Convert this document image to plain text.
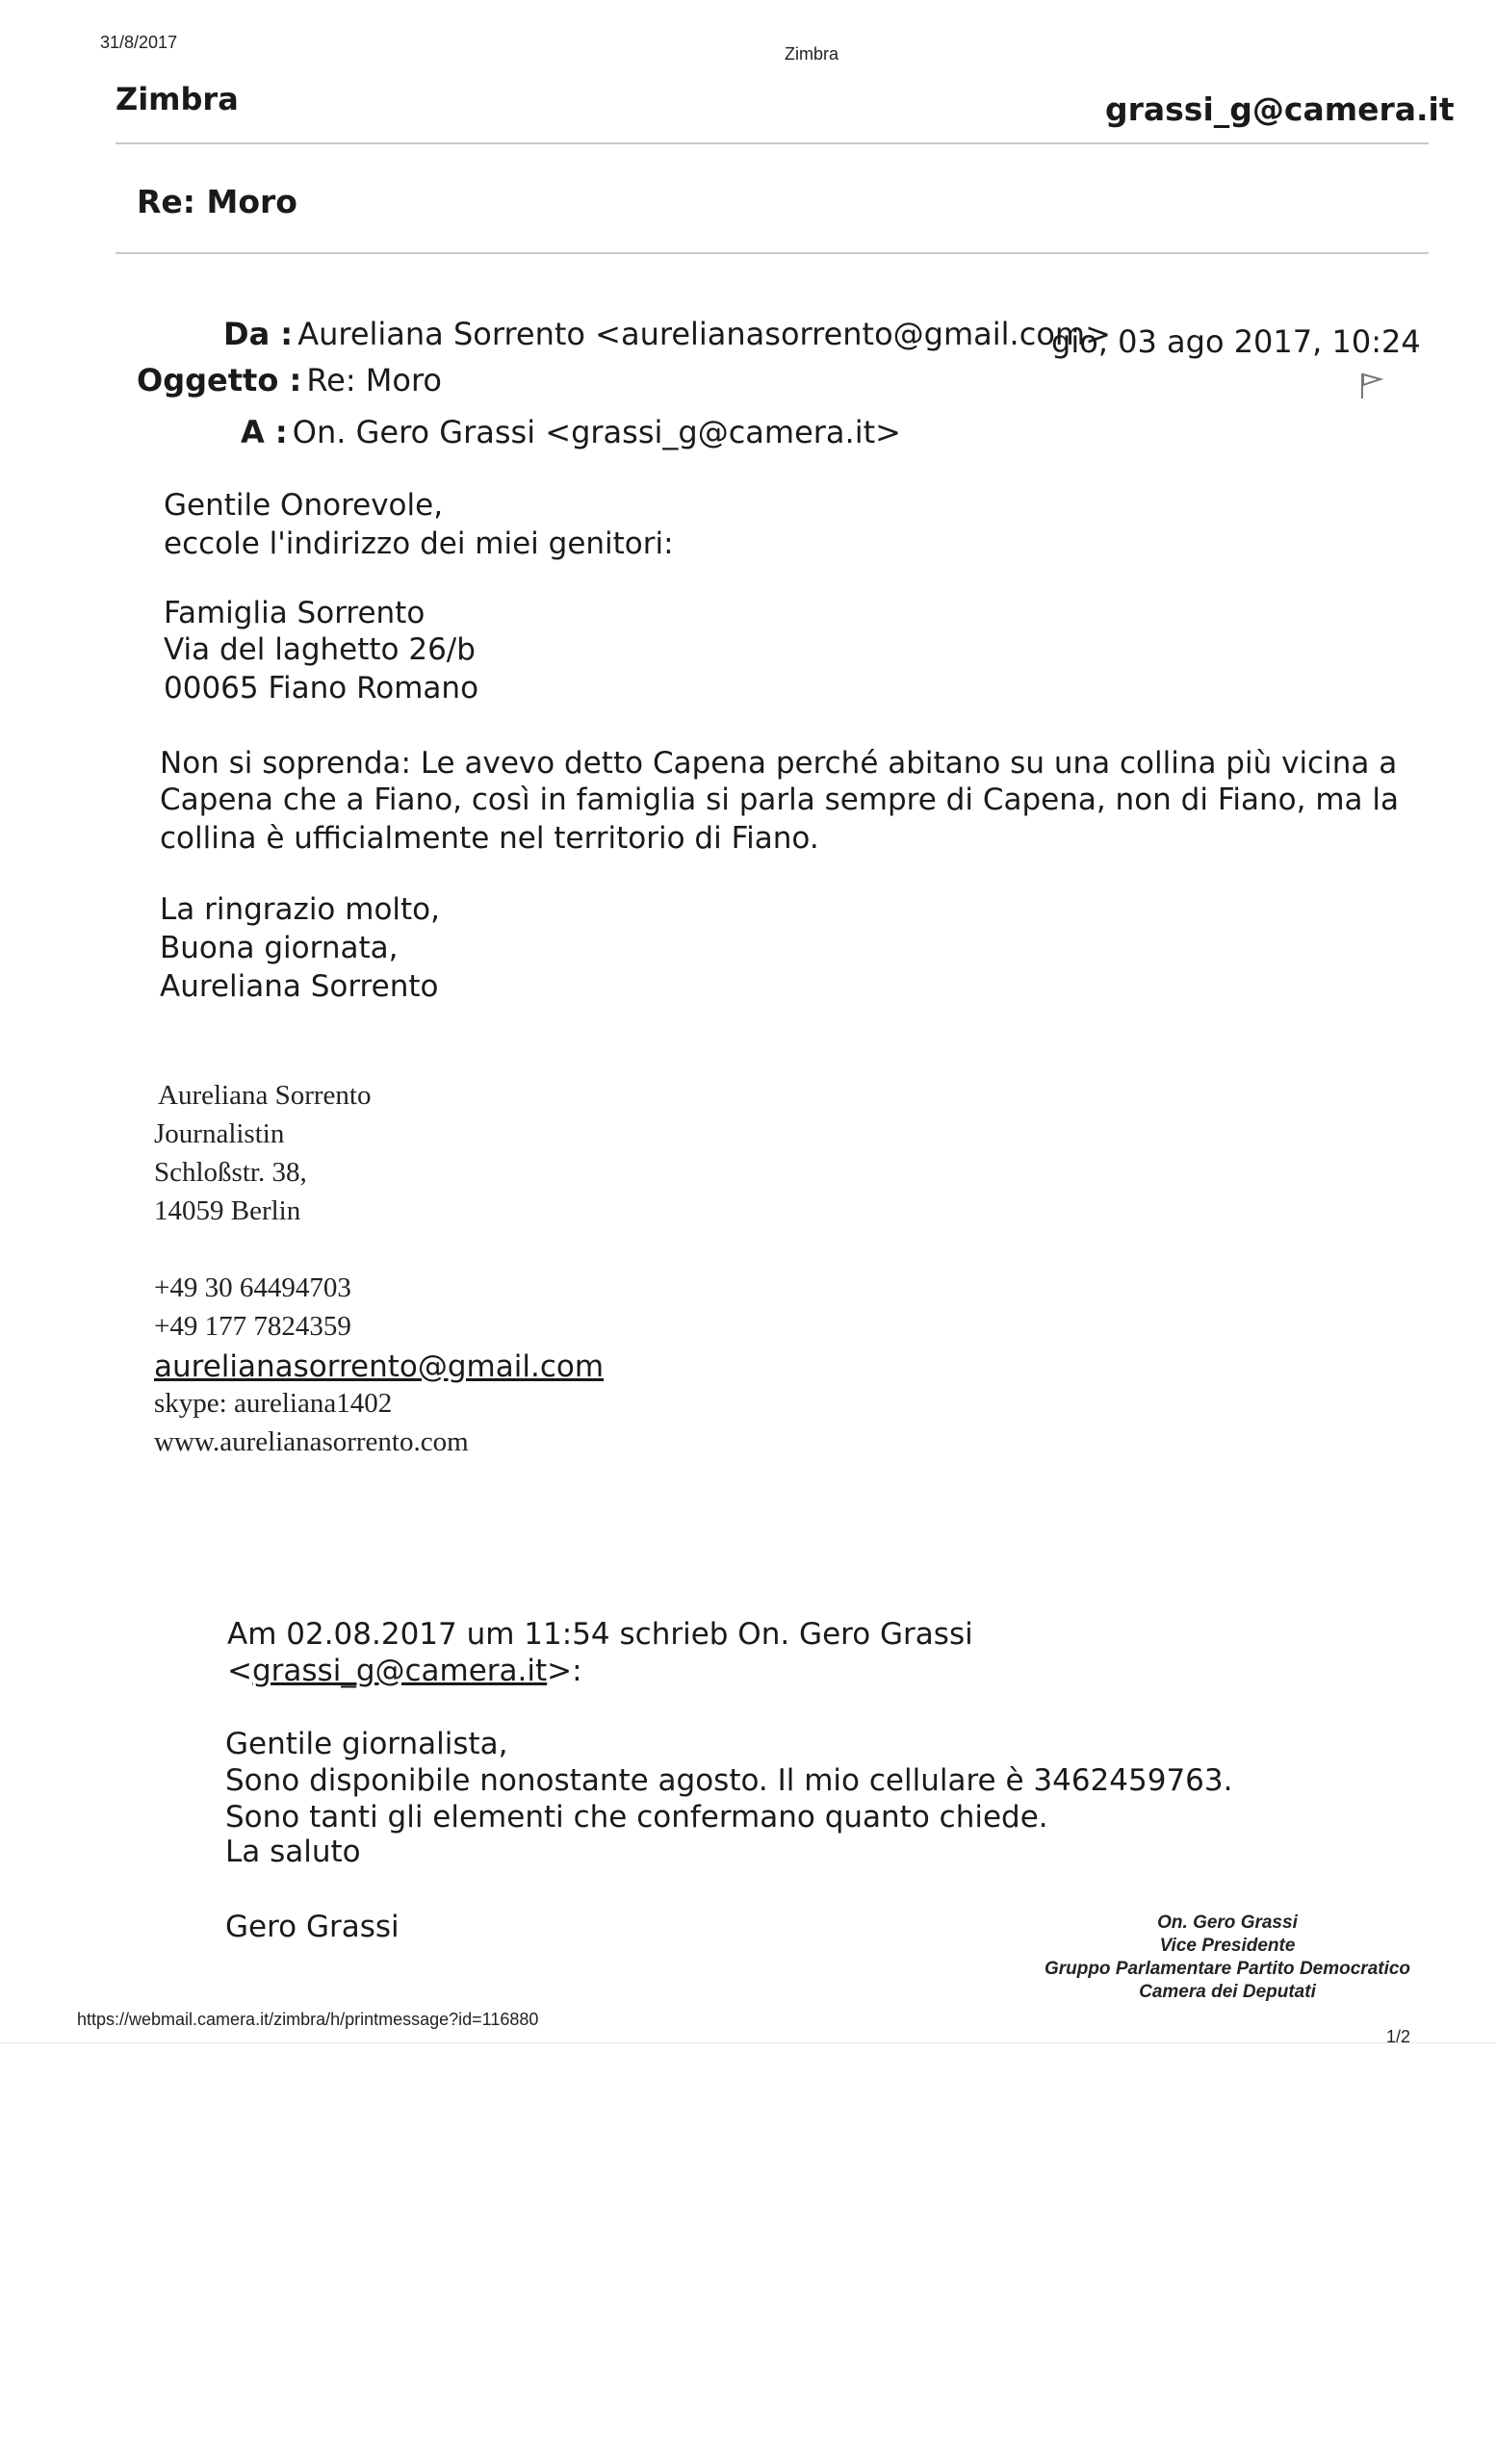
31/8/2017
Zimbra
Zimbra	grassi_g@camera.it
Re: Moro
Da : Aureliana Sorrento <aurelianasorrento@gmail.com>
gio, 03 ago 2017, 10:24
Oggetto : Re: Moro
A : On. Gero Grassi <grassi_g@camera.it>
Gentile Onorevole,
eccole l'indirizzo dei miei genitori:
Famiglia Sorrento
Via del laghetto 26/b
00065 Fiano Romano
Non si soprenda: Le avevo detto Capena perché abitano su una collina più vicina a
Capena che a Fiano, così in famiglia si parla sempre di Capena, non di Fiano, ma la
collina è ufficialmente nel territorio di Fiano.
La ringrazio molto,
Buona giornata,
Aureliana Sorrento
Aureliana Sorrento
Journalistin
Schloßstr. 38,
14059 Berlin
+49 30 64494703
+49 177 7824359
aurelianasorrento@gmail.com
skype: aureliana1402
www.aurelianasorrento.com
Am 02.08.2017 um 11:54 schrieb On. Gero Grassi
<grassi_g@camera.it>:
Gentile giornalista,
Sono disponibile nonostante agosto. Il mio cellulare è 3462459763.
Sono tanti gli elementi che confermano quanto chiede.
La saluto
Gero Grassi	On. Gero Grassi
Vice Presidente
Gruppo Parlamentare Partito Democratico
Camera dei Deputati
https://webmail.camera.it/zimbra/h/printmessage?id=116880
1/2
